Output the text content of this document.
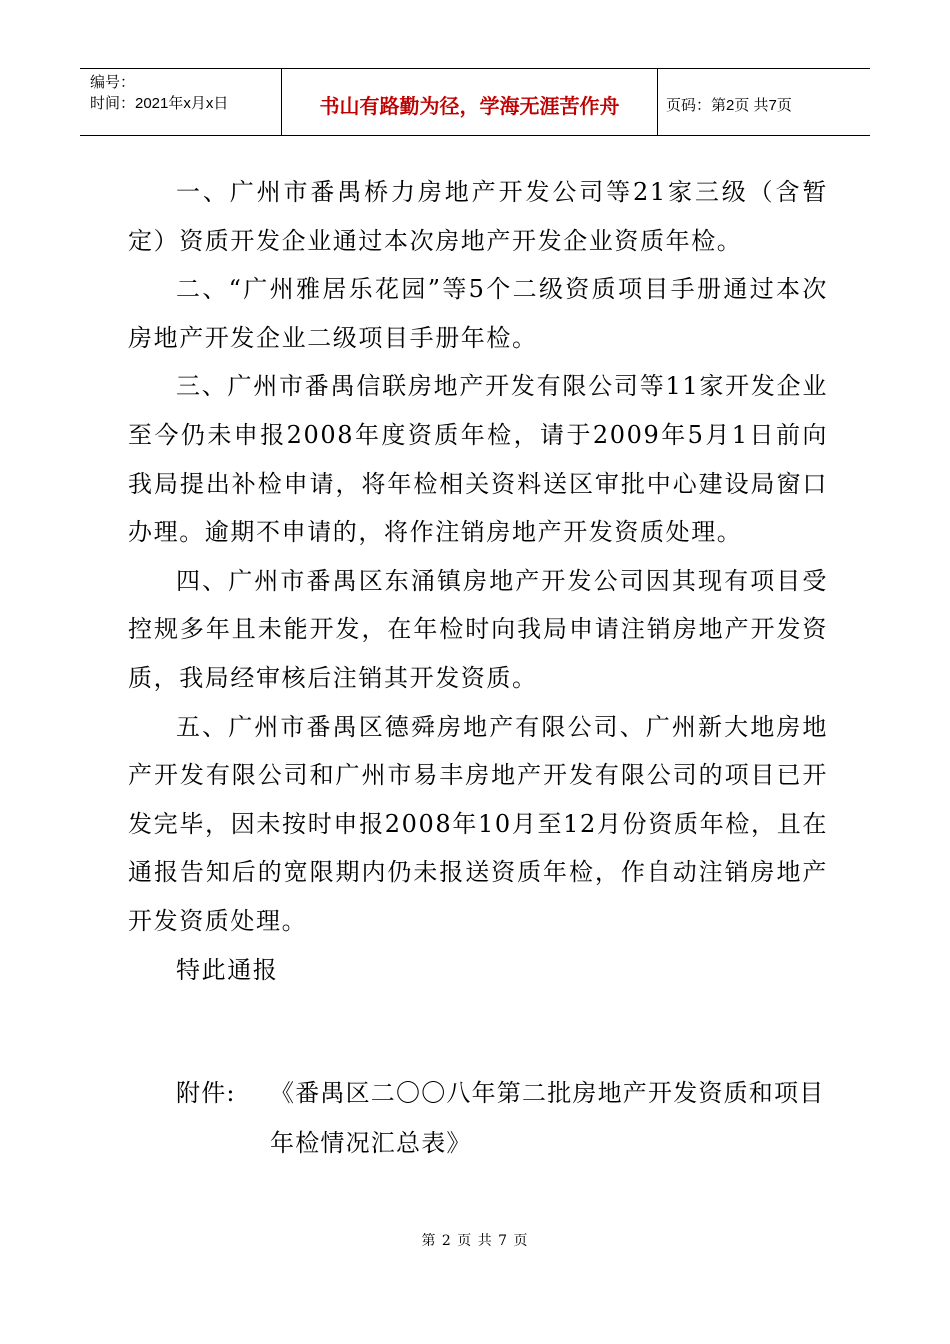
编号：
时间：2021年x月x日	书山有路勤为径，学海无涯苦作舟	页码：第2页 共7页

一、广州市番禺桥力房地产开发公司等21家三级（含暂定）资质开发企业通过本次房地产开发企业资质年检。

二、“广州雅居乐花园”等5个二级资质项目手册通过本次房地产开发企业二级项目手册年检。

三、广州市番禺信联房地产开发有限公司等11家开发企业至今仍未申报2008年度资质年检，请于2009年5月1日前向我局提出补检申请，将年检相关资料送区审批中心建设局窗口办理。逾期不申请的，将作注销房地产开发资质处理。

四、广州市番禺区东涌镇房地产开发公司因其现有项目受控规多年且未能开发，在年检时向我局申请注销房地产开发资质，我局经审核后注销其开发资质。

五、广州市番禺区德舜房地产有限公司、广州新大地房地产开发有限公司和广州市易丰房地产开发有限公司的项目已开发完毕，因未按时申报2008年10月至12月份资质年检，且在通报告知后的宽限期内仍未报送资质年检，作自动注销房地产开发资质处理。

特此通报

附件:	《番禺区二〇〇八年第二批房地产开发资质和项目年检情况汇总表》
第 2 页 共 7 页
